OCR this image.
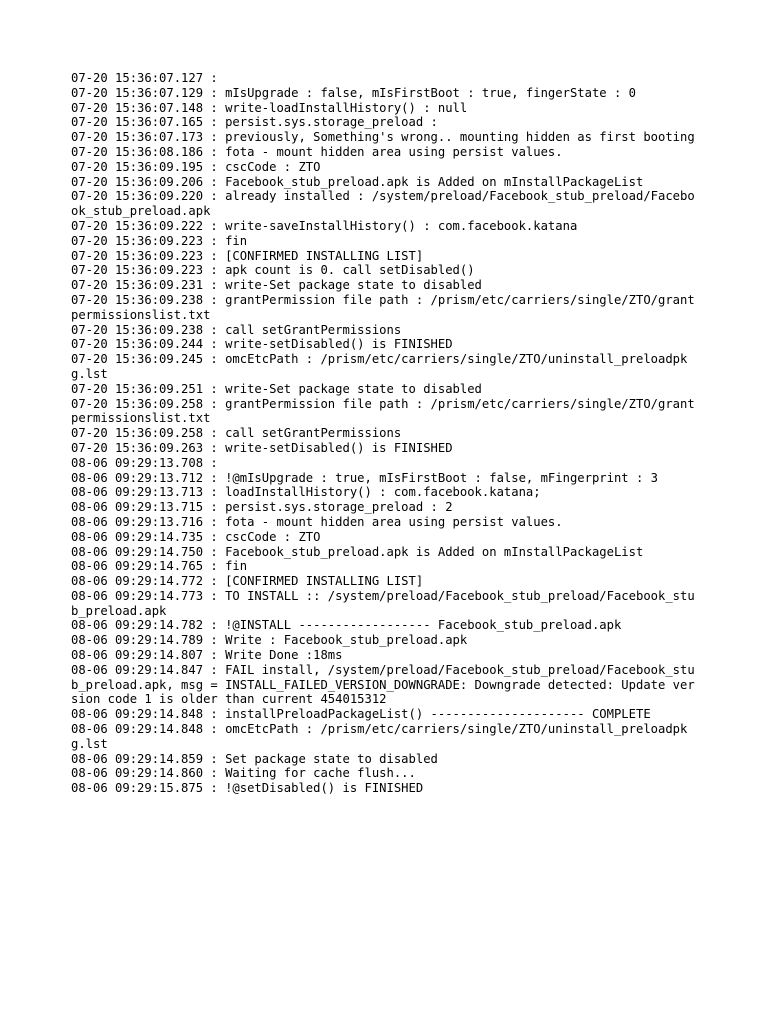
07-20 15:36:07.127 :
07-20 15:36:07.129 : mIsUpgrade : false, mIsFirstBoot : true, fingerState : 0
07-20 15:36:07.148 : write-loadInstallHistory() : null
07-20 15:36:07.165 : persist.sys.storage_preload :
07-20 15:36:07.173 : previously, Something's wrong.. mounting hidden as first booting
07-20 15:36:08.186 : fota - mount hidden area using persist values.
07-20 15:36:09.195 : cscCode : ZTO
07-20 15:36:09.206 : Facebook_stub_preload.apk is Added on mInstallPackageList
07-20 15:36:09.220 : already installed : /system/preload/Facebook_stub_preload/Facebook_stub_preload.apk
07-20 15:36:09.222 : write-saveInstallHistory() : com.facebook.katana
07-20 15:36:09.223 : fin
07-20 15:36:09.223 : [CONFIRMED INSTALLING LIST]
07-20 15:36:09.223 : apk count is 0. call setDisabled()
07-20 15:36:09.231 : write-Set package state to disabled
07-20 15:36:09.238 : grantPermission file path : /prism/etc/carriers/single/ZTO/grantpermissionslist.txt
07-20 15:36:09.238 : call setGrantPermissions
07-20 15:36:09.244 : write-setDisabled() is FINISHED
07-20 15:36:09.245 : omcEtcPath : /prism/etc/carriers/single/ZTO/uninstall_preloadpkg.lst
07-20 15:36:09.251 : write-Set package state to disabled
07-20 15:36:09.258 : grantPermission file path : /prism/etc/carriers/single/ZTO/grantpermissionslist.txt
07-20 15:36:09.258 : call setGrantPermissions
07-20 15:36:09.263 : write-setDisabled() is FINISHED
08-06 09:29:13.708 :
08-06 09:29:13.712 : !@mIsUpgrade : true, mIsFirstBoot : false, mFingerprint : 3
08-06 09:29:13.713 : loadInstallHistory() : com.facebook.katana;
08-06 09:29:13.715 : persist.sys.storage_preload : 2
08-06 09:29:13.716 : fota - mount hidden area using persist values.
08-06 09:29:14.735 : cscCode : ZTO
08-06 09:29:14.750 : Facebook_stub_preload.apk is Added on mInstallPackageList
08-06 09:29:14.765 : fin
08-06 09:29:14.772 : [CONFIRMED INSTALLING LIST]
08-06 09:29:14.773 : TO INSTALL :: /system/preload/Facebook_stub_preload/Facebook_stub_preload.apk
08-06 09:29:14.782 : !@INSTALL ------------------ Facebook_stub_preload.apk
08-06 09:29:14.789 : Write : Facebook_stub_preload.apk
08-06 09:29:14.807 : Write Done :18ms
08-06 09:29:14.847 : FAIL install, /system/preload/Facebook_stub_preload/Facebook_stub_preload.apk, msg = INSTALL_FAILED_VERSION_DOWNGRADE: Downgrade detected: Update version code 1 is older than current 454015312
08-06 09:29:14.848 : installPreloadPackageList() --------------------- COMPLETE
08-06 09:29:14.848 : omcEtcPath : /prism/etc/carriers/single/ZTO/uninstall_preloadpkg.lst
08-06 09:29:14.859 : Set package state to disabled
08-06 09:29:14.860 : Waiting for cache flush...
08-06 09:29:15.875 : !@setDisabled() is FINISHED
